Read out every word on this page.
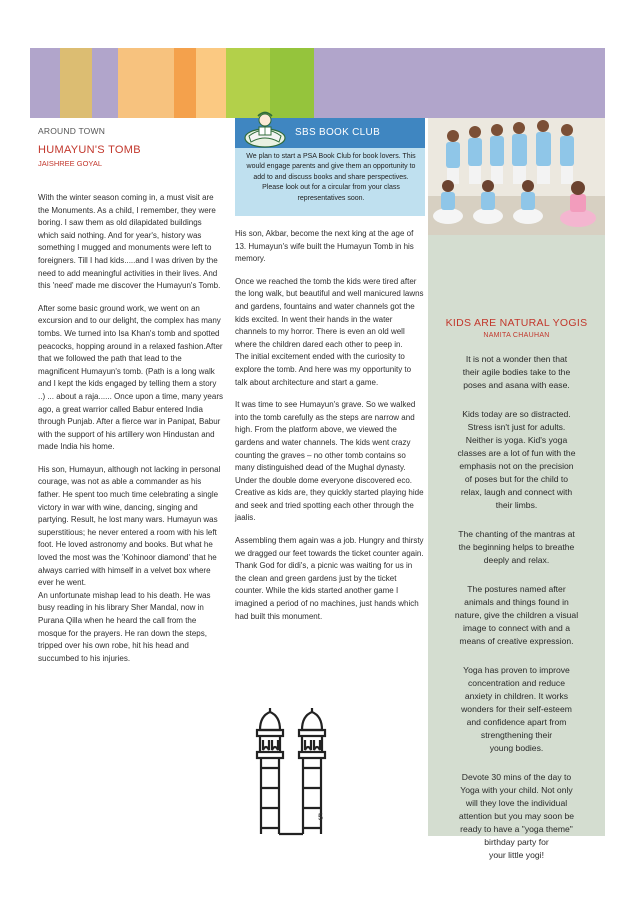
AROUND TOWN
HUMAYUN'S TOMB
JAISHREE GOYAL

With the winter season coming in, a must visit are the Monuments. As a child, I remember, they were boring. I saw them as old dilapidated buildings which said nothing. And for year's, history was something I mugged and monuments were left to foreigners. Till I had kids.....and I was driven by the need to add meaningful activities in their lives. And this 'need' made me discover the Humayun's Tomb.

After some basic ground work, we went on an excursion and to our delight, the complex has many tombs. We turned into Isa Khan's tomb and spotted peacocks, hopping around in a relaxed fashion.After that we followed the path that lead to the magnificent Humayun's tomb. (Path is a long walk and I kept the kids engaged by telling them a story ..) ... about a raja...... Once upon a time, many years ago, a great warrior called Babur entered India through Punjab. After a fierce war in Panipat, Babur with the support of his artillery won Hindustan and made India his home.

His son, Humayun, although not lacking in personal courage, was not as able a commander as his father. He spent too much time celebrating a single victory in war with wine, dancing, singing and partying. Result, he lost many wars. Humayun was superstitious; he never entered a room with his left foot. He loved astronomy and books. But what he loved the most was the 'Kohinoor diamond' that he always carried with himself in a velvet box where ever he went.

An unfortunate mishap lead to his death. He was busy reading in his library Sher Mandal, now in Purana Qilla when he heard the call from the mosque for the prayers. He ran down the steps, tripped over his own robe, hit his head and succumbed to his injuries.

SBS BOOK CLUB
We plan to start a PSA Book Club for book lovers. This would engage parents and give them an opportunity to add to and discuss books and share perspectives. Please look out for a circular from your class representatives soon.

His son, Akbar, become the next king at the age of 13. Humayun's wife built the Humayun Tomb in his memory.

Once we reached the tomb the kids were tired after the long walk, but beautiful and well manicured lawns and gardens, fountains and water channels got the kids excited. In went their hands in the water channels to my horror. There is even an old well where the children dared each other to peep in.

The initial excitement ended with the curiosity to explore the tomb. And here was my opportunity to talk about architecture and start a game.

It was time to see Humayun's grave. So we walked into the tomb carefully as the steps are narrow and high. From the platform above, we viewed the gardens and water channels. The kids went crazy counting the graves – no other tomb contains so many distinguished dead of the Mughal dynasty. Under the double dome everyone discovered eco. Creative as kids are, they quickly started playing hide and seek and tried spotting each other through the jaalis.

Assembling them again was a job. Hungry and thirsty we dragged our feet towards the ticket counter again. Thank God for didi's, a picnic was waiting for us in the clean and green gardens just by the ticket counter. While the kids started another game I imagined a period of no machines, just hands which had built this monument.

KIDS ARE NATURAL YOGIS
NAMITA CHAUHAN

It is not a wonder then that
their agile bodies take to the
poses and asana with ease.

Kids today are so distracted.
Stress isn't just for adults.
Neither is yoga. Kid's yoga
classes are a lot of fun with the
emphasis not on the precision
of poses but for the child to
relax, laugh and connect with
their limbs.

The chanting of the mantras at
the beginning helps to breathe
deeply and relax.

The postures named after
animals and things found in
nature, give the children a visual
image to connect with and a
means of creative expression.

Yoga has proven to improve
concentration and reduce
anxiety in children. It works
wonders for their self-esteem
and confidence apart from
strengthening their
young bodies.

Devote 30 mins of the day to
Yoga with your child. Not only
will they love the individual
attention but you may soon be
ready to have a "yoga theme"
birthday party for
your little yogi!

5
